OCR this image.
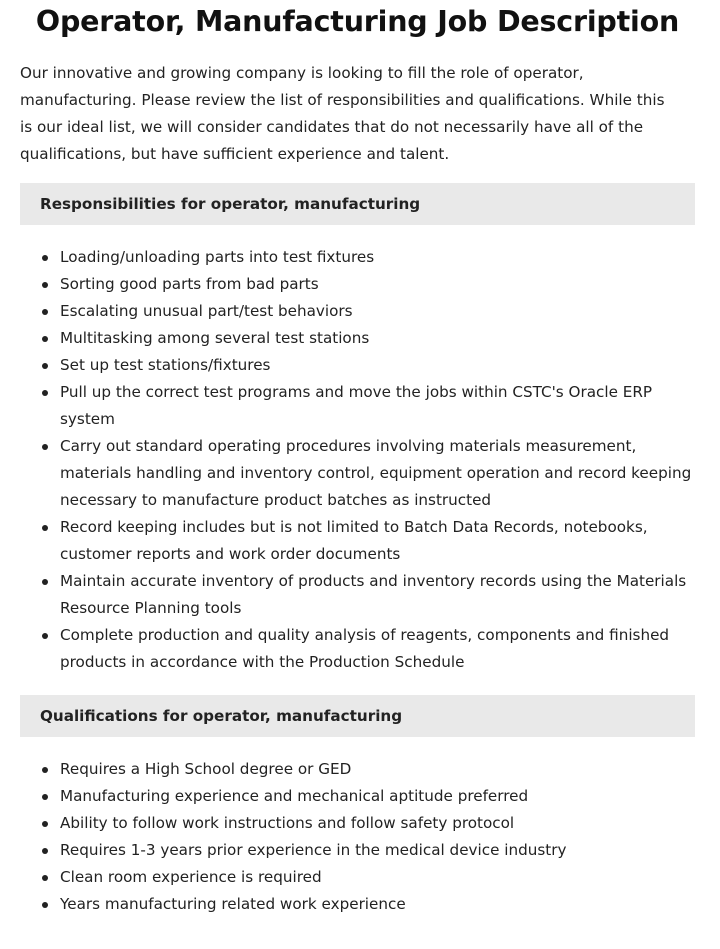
Operator, Manufacturing Job Description

Our innovative and growing company is looking to fill the role of operator, manufacturing. Please review the list of responsibilities and qualifications. While this is our ideal list, we will consider candidates that do not necessarily have all of the qualifications, but have sufficient experience and talent.

Responsibilities for operator, manufacturing
Loading/unloading parts into test fixtures
Sorting good parts from bad parts
Escalating unusual part/test behaviors
Multitasking among several test stations
Set up test stations/fixtures
Pull up the correct test programs and move the jobs within CSTC's Oracle ERP system
Carry out standard operating procedures involving materials measurement, materials handling and inventory control, equipment operation and record keeping necessary to manufacture product batches as instructed
Record keeping includes but is not limited to Batch Data Records, notebooks, customer reports and work order documents
Maintain accurate inventory of products and inventory records using the Materials Resource Planning tools
Complete production and quality analysis of reagents, components and finished products in accordance with the Production Schedule
Qualifications for operator, manufacturing
Requires a High School degree or GED
Manufacturing experience and mechanical aptitude preferred
Ability to follow work instructions and follow safety protocol
Requires 1-3 years prior experience in the medical device industry
Clean room experience is required
Years manufacturing related work experience
